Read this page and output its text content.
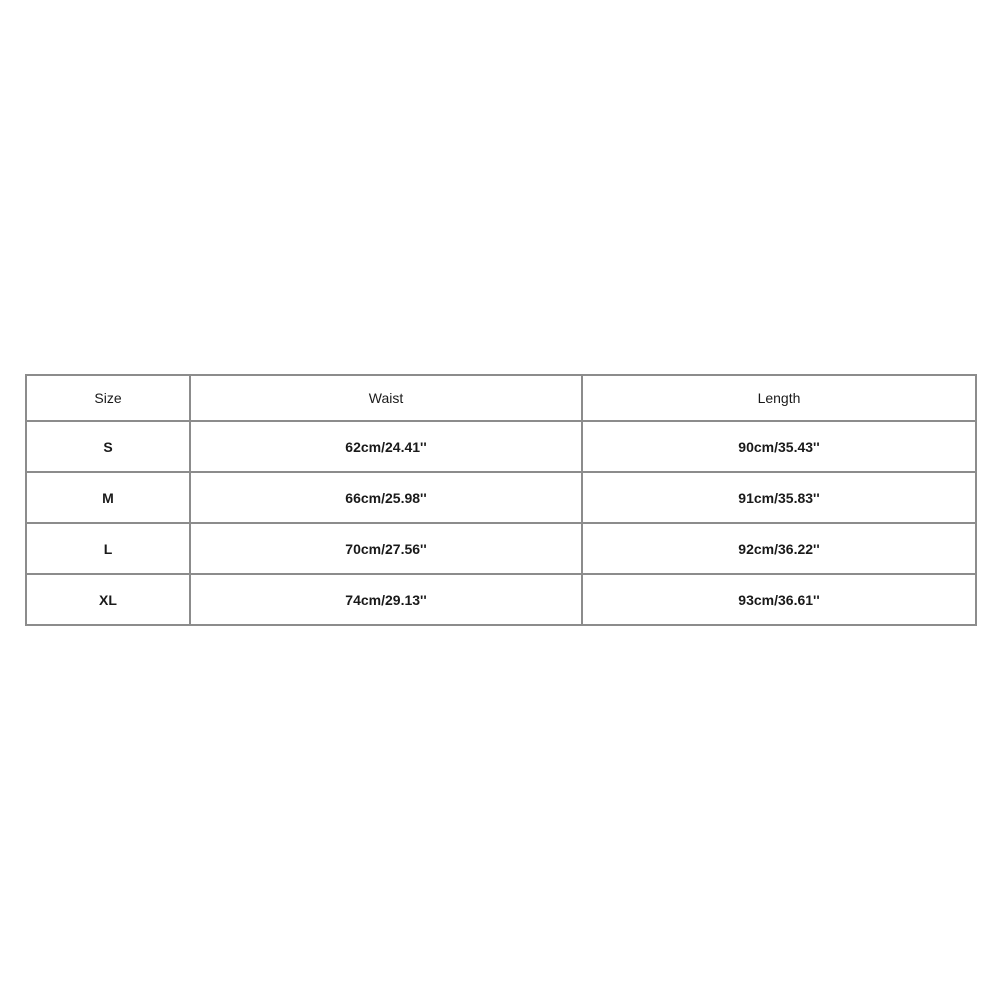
Size	Waist	Length
S	62cm/24.41''	90cm/35.43''
M	66cm/25.98''	91cm/35.83''
L	70cm/27.56''	92cm/36.22''
XL	74cm/29.13''	93cm/36.61''
